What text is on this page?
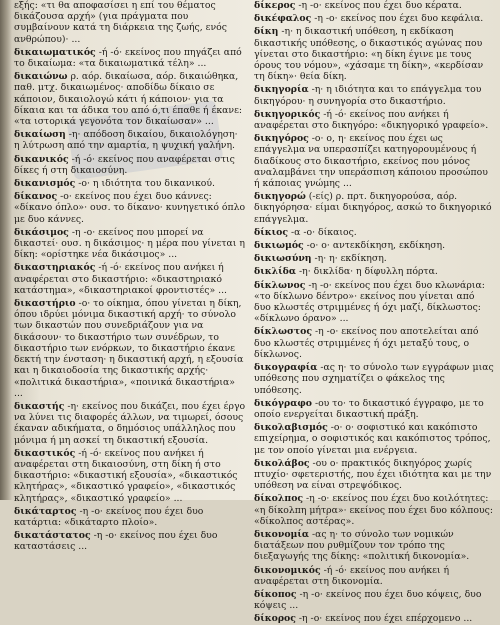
εξής: «τι θα αποφασίσει η επί του θέματος δικάζουσα αρχή» (για πράγματα που συμβαίνουν κατά τη διάρκεια της ζωής, ενός ανθρώπου)· ...

δικαιωματικός -ή -ό· εκείνος που πηγάζει από το δικαίωμα: «τα δικαιωματικά τέλη» ...

δικαιώνω ρ. αόρ. δικαίωσα, αόρ. δικαιώθηκα, παθ. μτχ. δικαιωμένος· αποδίδω δίκαιο σε κάποιον, δικαιολογώ κάτι ή κάποιον· για τα δίκαια και τα άδικα του από ό,τι έπαθε ή έκανε: «τα ιστορικά γεγονότα τον δικαίωσαν» ...

δικαίωση -η· απόδοση δικαίου, δικαιολόγηση· η λύτρωση από την αμαρτία, η ψυχική γαλήνη.

δικανικός -ή -ό· εκείνος που αναφέρεται στις δίκες ή στη δικαιοσύνη.

δικανισμός -ο· η ιδιότητα του δικανικού.

δίκανος -ο· εκείνος που έχει δυο κάννες: «δίκανο όπλο»· ουσ. το δίκανο· κυνηγετικό όπλο με δυο κάννες.

δικάσιμος -η -ο· εκείνος που μπορεί να δικαστεί· ουσ. η δικάσιμος· η μέρα που γίνεται η δίκη: «ορίστηκε νέα δικάσιμος» ...

δικαστηριακός -ή -ό· εκείνος που ανήκει ή αναφέρεται στο δικαστήριο: «δικαστηριακό κατάστημα», «δικαστηριακοί φροντιστές» ...

δικαστήριο -ο· το οίκημα, όπου γίνεται η δίκη, όπου ιδρύει μόνιμα δικαστική αρχή· το σύνολο των δικαστών που συνεδριάζουν για να δικάσουν· το δικαστήριο των συνέδρων, το δικαστήριο των ενόρκων, το δικαστήριο έκανε δεκτή την ένσταση· η δικαστική αρχή, η εξουσία και η δικαιοδοσία της δικαστικής αρχής· «πολιτικά δικαστήρια», «ποινικά δικαστήρια» ...

δικαστής -η· εκείνος που δικάζει, που έχει έργο να λύνει τις διαφορές άλλων, να τιμωρεί, όσους έκαναν αδικήματα, ο δημόσιος υπάλληλος που μόνιμα ή μη ασκεί τη δικαστική εξουσία.

δικαστικός -ή -ό· εκείνος που ανήκει ή αναφέρεται στη δικαιοσύνη, στη δίκη ή στο δικαστήριο: «δικαστική εξουσία», «δικαστικός κλητήρας», «δικαστικό γραφείο», «δικαστικός κλητήρας», «δικαστικό γραφείο» ...

δικάταρτος -η -ο· εκείνος που έχει δυο κατάρτια: «δικάταρτο πλοίο».

δικατάστατος -η -ο· εκείνος που έχει δυο καταστάσεις ...

δίκερος -η -ο· εκείνος που έχει δυο κέρατα.

δικέφαλος -η -ο· εκείνος που έχει δυο κεφάλια.

δίκη -η· η δικαστική υπόθεση, η εκδίκαση δικαστικής υπόθεσης, ο δικαστικός αγώνας που γίνεται στο δικαστήριο: «η δίκη έγινε με τους όρους του νόμου», «χάσαμε τη δίκη», «κερδίσαν τη δίκη»· θεία δίκη.

δικηγορία -η· η ιδιότητα και το επάγγελμα του δικηγόρου· η συνηγορία στο δικαστήριο.

δικηγορικός -ή -ό· εκείνος που ανήκει ή αναφέρεται στο δικηγόρο: «δικηγορικό γραφείο».

δικηγόρος -ο· ο, η· εκείνος που έχει ως επάγγελμα να υπερασπίζει κατηγορουμένους ή διαδίκους στο δικαστήριο, εκείνος που μόνος αναλαμβάνει την υπεράσπιση κάποιου προσώπου ή κάποιας γνώμης ...

δικηγορώ (-είς) ρ. πρτ. δικηγορούσα, αόρ. δικηγόρησα· είμαι δικηγόρος, ασκώ το δικηγορικό επάγγελμα.

δίκιος -α -ο· δίκαιος.

δικιωμός -ο· ο· αντεκδίκηση, εκδίκηση.

δικιωσύνη -η· η· εκδίκηση.

δικλίδα -η· δικλίδα· η δίφυλλη πόρτα.

δίκλωνος -η -ο· εκείνος που έχει δυο κλωνάρια: «το δίκλωνο δέντρο»· εκείνος που γίνεται από δυο κλωστές στριμμένες ή όχι μαζί, δίκλωστος: «δίκλωνο όρανο» ...

δίκλωστος -η -ο· εκείνος που αποτελείται από δυο κλωστές στριμμένες ή όχι μεταξύ τους, ο δίκλωνος.

δικογραφία -ας η· το σύνολο των εγγράφων μιας υπόθεσης που σχηματίζει ο φάκελος της υπόθεσης.

δικόγραφο -ου το· το δικαστικό έγγραφο, με το οποίο ενεργείται δικαστική πράξη.

δικολαβισμός -ο· ο· σοφιστικό και κακόπιστο επιχείρημα, ο σοφιστικός και κακόπιστος τρόπος, με τον οποίο γίνεται μια ενέργεια.

δικολάβος -ου ο· πρακτικός δικηγόρος χωρίς πτυχίο· σφετεριστής, που έχει ιδιότητα και με την υπόθεση να είναι στρεψόδικος.

δίκολπος -η -ο· εκείνος που έχει δυο κοιλότητες: «η δίκολπη μήτρα»· εκείνος που έχει δυο κόλπους: «δίκολπος αστέρας».

δικονομία -ας η· το σύνολο των νομικών διατάξεων που ρυθμίζουν τον τρόπο της διεξαγωγής της δίκης: «πολιτική δικονομία».

δικονομικός -ή -ό· εκείνος που ανήκει ή αναφέρεται στη δικονομία.

δίκοπος -η -ο· εκείνος που έχει δυο κόψεις, δυο κόψεις ...

δίκορος -η -ο· εκείνος που έχει επέρχομενο ...
